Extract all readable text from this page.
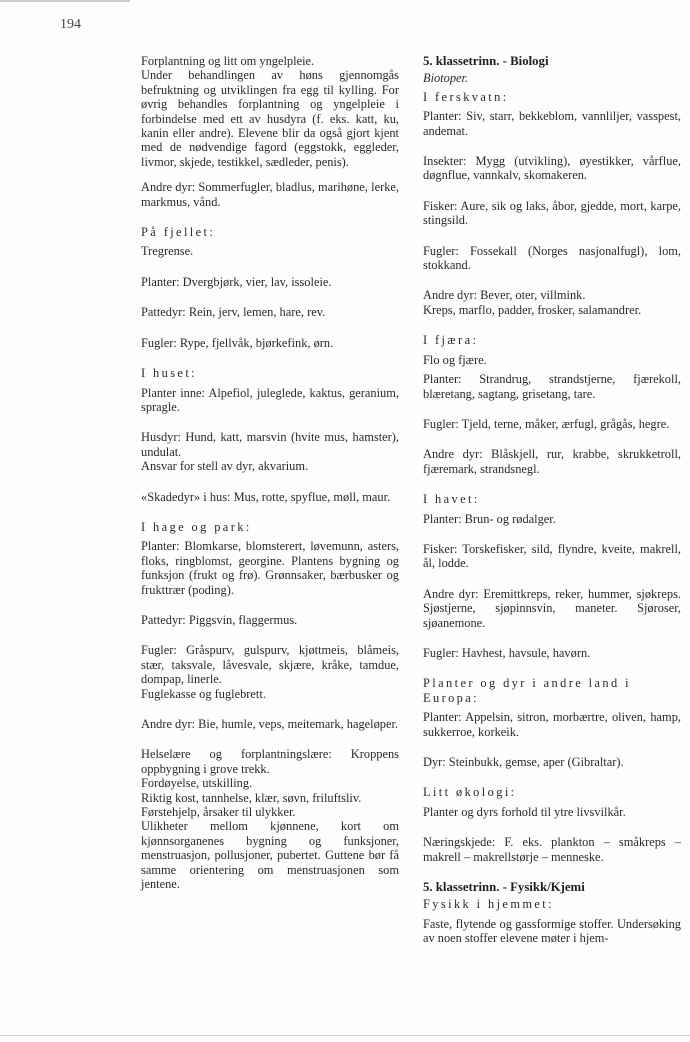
194
Forplantning og litt om yngelpleie.
Under behandlingen av høns gjennomgås befruktning og utviklingen fra egg til kylling. For øvrig behandles forplantning og yngelpleie i forbindelse med ett av husdyra (f. eks. katt, ku, kanin eller andre). Elevene blir da også gjort kjent med de nødvendige fagord (eggstokk, eggleder, livmor, skjede, testikkel, sædleder, penis).
Andre dyr: Sommerfugler, bladlus, marihøne, lerke, markmus, vånd.
På fjellet:
Tregrense.
Planter: Dvergbjørk, vier, lav, issoleie.
Pattedyr: Rein, jerv, lemen, hare, rev.
Fugler: Rype, fjellvåk, bjørkefink, ørn.
I huset:
Planter inne: Alpefiol, juleglede, kaktus, geranium, spragle.
Husdyr: Hund, katt, marsvin (hvite mus, hamster), undulat.
Ansvar for stell av dyr, akvarium.
«Skadedyr» i hus: Mus, rotte, spyflue, møll, maur.
I hage og park:
Planter: Blomkarse, blomsterert, løvemunn, asters, floks, ringblomst, georgine. Plantens bygning og funksjon (frukt og frø). Grønnsaker, bærbusker og frukttrær (poding).
Pattedyr: Piggsvin, flaggermus.
Fugler: Gråspurv, gulspurv, kjøttmeis, blåmeis, stær, taksvale, låvesvale, skjære, kråke, tamdue, dompap, linerle.
Fuglekasse og fuglebrett.
Andre dyr: Bie, humle, veps, meitemark, hageløper.
Helselære og forplantningslære: Kroppens oppbygning i grove trekk.
Fordøyelse, utskilling.
Riktig kost, tannhelse, klær, søvn, friluftsliv.
Førstehjelp, årsaker til ulykker.
Ulikheter mellom kjønnene, kort om kjønnsorganenes bygning og funksjoner, menstruasjon, pollusjoner, pubertet. Guttene bør få samme orientering om menstruasjonen som jentene.
5. klassetrinn. - Biologi
Biotoper.
I ferskvatn:
Planter: Siv, starr, bekkeblom, vannliljer, vasspest, andemat.
Insekter: Mygg (utvikling), øyestikker, vårflue, døgnflue, vannkalv, skomakeren.
Fisker: Aure, sik og laks, åbor, gjedde, mort, karpe, stingsild.
Fugler: Fossekall (Norges nasjonalfugl), lom, stokkand.
Andre dyr: Bever, oter, villmink.
Kreps, marflo, padder, frosker, salamandrer.
I fjæra:
Flo og fjære.
Planter: Strandrug, strandstjerne, fjærekoll, blæretang, sagtang, grisetang, tare.
Fugler: Tjeld, terne, måker, ærfugl, grågås, hegre.
Andre dyr: Blåskjell, rur, krabbe, skrukketroll, fjæremark, strandsnegl.
I havet:
Planter: Brun- og rødalger.
Fisker: Torskefisker, sild, flyndre, kveite, makrell, ål, lodde.
Andre dyr: Eremittkreps, reker, hummer, sjøkreps. Sjøstjerne, sjøpinnsvin, maneter. Sjøroser, sjøanemone.
Fugler: Havhest, havsule, havørn.
Planter og dyr i andre land i Europa:
Planter: Appelsin, sitron, morbærtre, oliven, hamp, sukkerroe, korkeik.
Dyr: Steinbukk, gemse, aper (Gibraltar).
Litt økologi:
Planter og dyrs forhold til ytre livsvilkår.
Næringskjede: F. eks. plankton – småkreps – makrell – makrellstørje – menneske.
5. klassetrinn. - Fysikk/Kjemi
Fysikk i hjemmet:
Faste, flytende og gassformige stoffer. Undersøking av noen stoffer elevene møter i hjem-
